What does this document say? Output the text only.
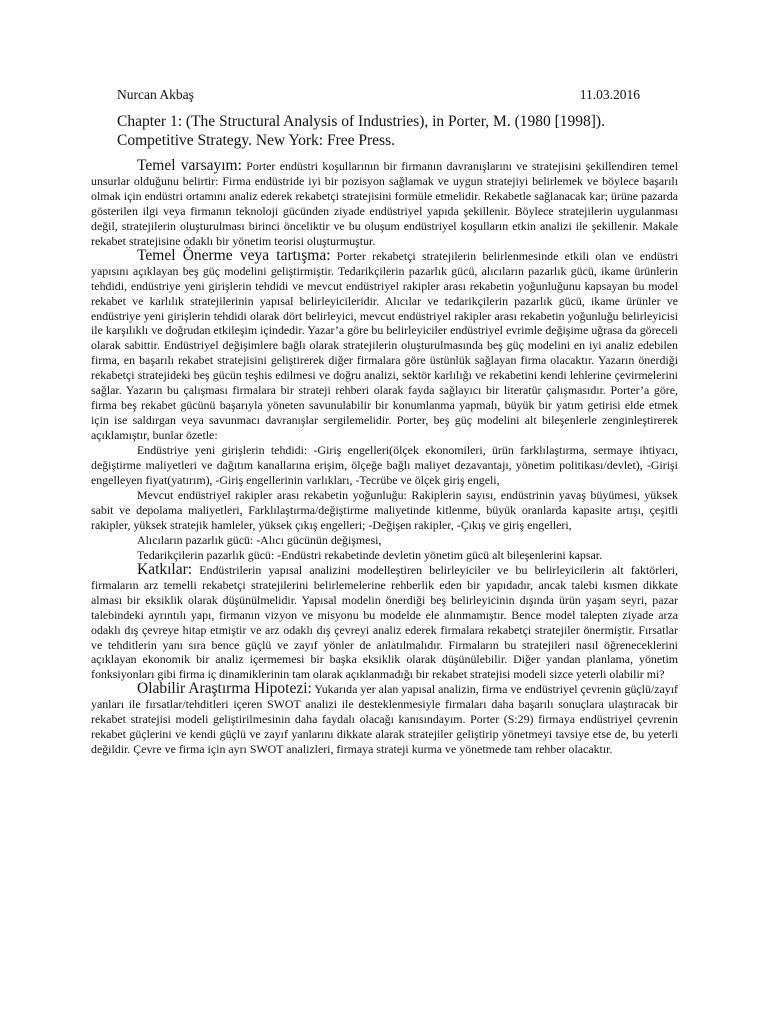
Nurcan Akbaş	11.03.2016
Chapter 1: (The Structural Analysis of Industries), in Porter, M. (1980 [1998]). Competitive Strategy. New York: Free Press.

Temel varsayım: Porter endüstri koşullarının bir firmanın davranışlarını ve stratejisini şekillendiren temel unsurlar olduğunu belirtir: Firma endüstride iyi bir pozisyon sağlamak ve uygun stratejiyi belirlemek ve böylece başarılı olmak için endüstri ortamını analiz ederek rekabetçi stratejisini formüle etmelidir. Rekabetle sağlanacak kar; ürüne pazarda gösterilen ilgi veya firmanın teknoloji gücünden ziyade endüstriyel yapıda şekillenir. Böylece stratejilerin uygulanması değil, stratejilerin oluşturulması birinci önceliktir ve bu oluşum endüstriyel koşulların etkin analizi ile şekillenir. Makale rekabet stratejisine odaklı bir yönetim teorisi oluşturmuştur.

Temel Önerme veya tartışma: Porter rekabetçi stratejilerin belirlenmesinde etkili olan ve endüstri yapısını açıklayan beş güç modelini geliştirmiştir. Tedarikçilerin pazarlık gücü, alıcıların pazarlık gücü, ikame ürünlerin tehdidi, endüstriye yeni girişlerin tehdidi ve mevcut endüstriyel rakipler arası rekabetin yoğunluğunu kapsayan bu model rekabet ve karlılık stratejilerinin yapısal belirleyicileridir. Alıcılar ve tedarikçilerin pazarlık gücü, ikame ürünler ve endüstriye yeni girişlerin tehdidi olarak dört belirleyici, mevcut endüstriyel rakipler arası rekabetin yoğunluğu belirleyicisi ile karşılıklı ve doğrudan etkileşim içindedir. Yazar’a göre bu belirleyiciler endüstriyel evrimle değişime uğrasa da göreceli olarak sabittir. Endüstriyel değişimlere bağlı olarak stratejilerin oluşturulmasında beş güç modelini en iyi analiz edebilen firma, en başarılı rekabet stratejisini geliştirerek diğer firmalara göre üstünlük sağlayan firma olacaktır. Yazarın önerdiği rekabetçi stratejideki beş gücün teşhis edilmesi ve doğru analizi, sektör karlılığı ve rekabetini kendi lehlerine çevirmelerini sağlar. Yazarın bu çalışması firmalara bir strateji rehberi olarak fayda sağlayıcı bir literatür çalışmasıdır. Porter’a göre, firma beş rekabet gücünü başarıyla yöneten savunulabilir bir konumlanma yapmalı, büyük bir yatım getirisi elde etmek için ise saldırgan veya savunmacı davranışlar sergilemelidir. Porter, beş güç modelini alt bileşenlerle zenginleştirerek açıklamıştır, bunlar özetle:

Endüstriye yeni girişlerin tehdidi: -Giriş engelleri(ölçek ekonomileri, ürün farklılaştırma, sermaye ihtiyacı, değiştirme maliyetleri ve dağıtım kanallarına erişim, ölçeğe bağlı maliyet dezavantajı, yönetim politikası/devlet), -Girişi engelleyen fiyat(yatırım), -Giriş engellerinin varlıkları, -Tecrübe ve ölçek giriş engeli,

Mevcut endüstriyel rakipler arası rekabetin yoğunluğu: Rakiplerin sayısı, endüstrinin yavaş büyümesi, yüksek sabit ve depolama maliyetleri, Farklılaştırma/değiştirme maliyetinde kitlenme, büyük oranlarda kapasite artışı, çeşitli rakipler, yüksek stratejik hamleler, yüksek çıkış engelleri; -Değişen rakipler, -Çıkış ve giriş engelleri,

Alıcıların pazarlık gücü: -Alıcı gücünün değişmesi,

Tedarikçilerin pazarlık gücü: -Endüstri rekabetinde devletin yönetim gücü alt bileşenlerini kapsar.

Katkılar: Endüstrilerin yapısal analizini modelleştiren belirleyiciler ve bu belirleyicilerin alt faktörleri, firmaların arz temelli rekabetçi stratejilerini belirlemelerine rehberlik eden bir yapıdadır, ancak talebi kısmen dikkate alması bir eksiklik olarak düşünülmelidir. Yapısal modelin önerdiği beş belirleyicinin dışında ürün yaşam seyri, pazar talebindeki ayrıntılı yapı, firmanın vizyon ve misyonu bu modelde ele alınmamıştır. Bence model talepten ziyade arza odaklı dış çevreye hitap etmiştir ve arz odaklı dış çevreyi analiz ederek firmalara rekabetçi stratejiler önermiştir. Fırsatlar ve tehditlerin yanı sıra bence güçlü ve zayıf yönler de anlatılmalıdır. Firmaların bu stratejileri nasıl öğreneceklerini açıklayan ekonomik bir analiz içermemesi bir başka eksiklik olarak düşünülebilir. Diğer yandan planlama, yönetim fonksiyonları gibi firma iç dinamiklerinin tam olarak açıklanmadığı bir rekabet stratejisi modeli sizce yeterli olabilir mi?

Olabilir Araştırma Hipotezi: Yukarıda yer alan yapısal analizin, firma ve endüstriyel çevrenin güçlü/zayıf yanları ile fırsatlar/tehditleri içeren SWOT analizi ile desteklenmesiyle firmaları daha başarılı sonuçlara ulaştıracak bir rekabet stratejisi modeli geliştirilmesinin daha faydalı olacağı kanısındayım. Porter (S:29) firmaya endüstriyel çevrenin rekabet güçlerini ve kendi güçlü ve zayıf yanlarını dikkate alarak stratejiler geliştirip yönetmeyi tavsiye etse de, bu yeterli değildir. Çevre ve firma için ayrı SWOT analizleri, firmaya strateji kurma ve yönetmede tam rehber olacaktır.
